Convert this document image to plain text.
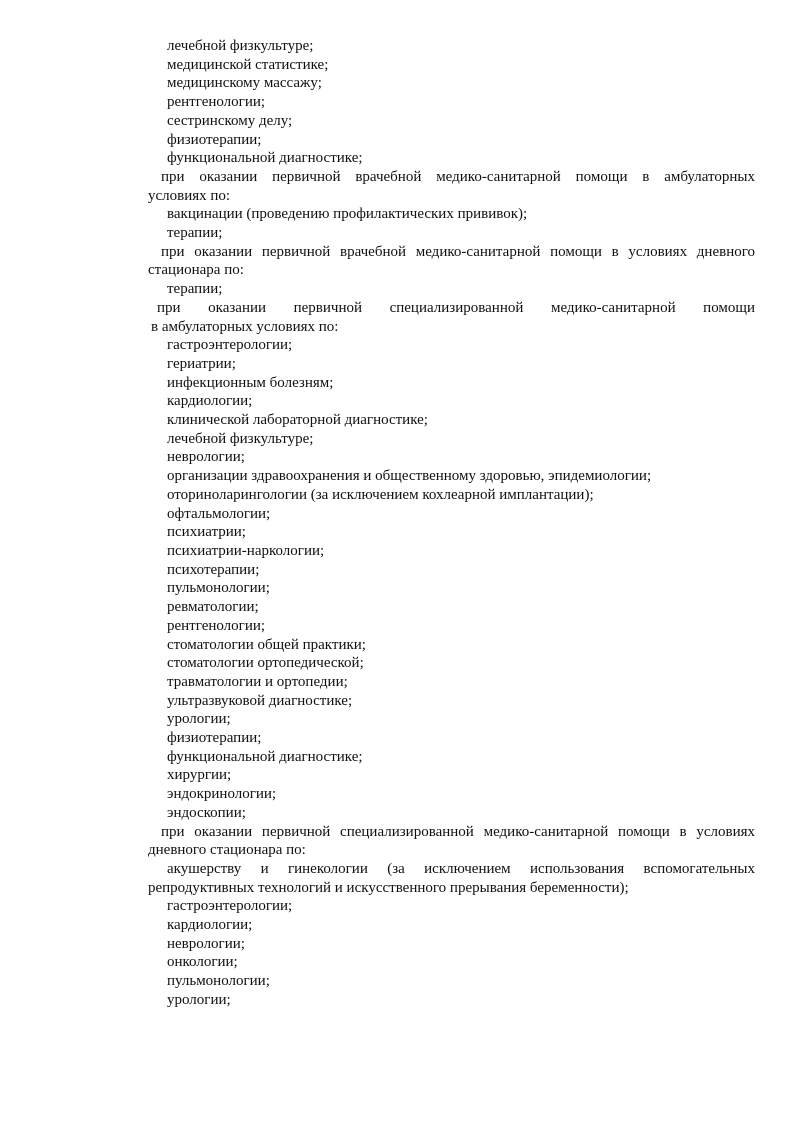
лечебной физкультуре;
медицинской статистике;
медицинскому массажу;
рентгенологии;
сестринскому делу;
физиотерапии;
функциональной диагностике;
при оказании первичной врачебной медико-санитарной помощи в амбулаторных
условиях по:
вакцинации (проведению профилактических прививок);
терапии;
при оказании первичной врачебной медико-санитарной помощи в условиях дневного
стационара по:
терапии;
при оказании первичной специализированной медико-санитарной помощи
в амбулаторных условиях по:
гастроэнтерологии;
гериатрии;
инфекционным болезням;
кардиологии;
клинической лабораторной диагностике;
лечебной физкультуре;
неврологии;
организации здравоохранения и общественному здоровью, эпидемиологии;
оториноларингологии (за исключением кохлеарной имплантации);
офтальмологии;
психиатрии;
психиатрии-наркологии;
психотерапии;
пульмонологии;
ревматологии;
рентгенологии;
стоматологии общей практики;
стоматологии ортопедической;
травматологии и ортопедии;
ультразвуковой диагностике;
урологии;
физиотерапии;
функциональной диагностике;
хирургии;
эндокринологии;
эндоскопии;
при оказании первичной специализированной медико-санитарной помощи в условиях
дневного стационара по:
акушерству и гинекологии (за исключением использования вспомогательных
репродуктивных технологий и искусственного прерывания беременности);
гастроэнтерологии;
кардиологии;
неврологии;
онкологии;
пульмонологии;
урологии;
